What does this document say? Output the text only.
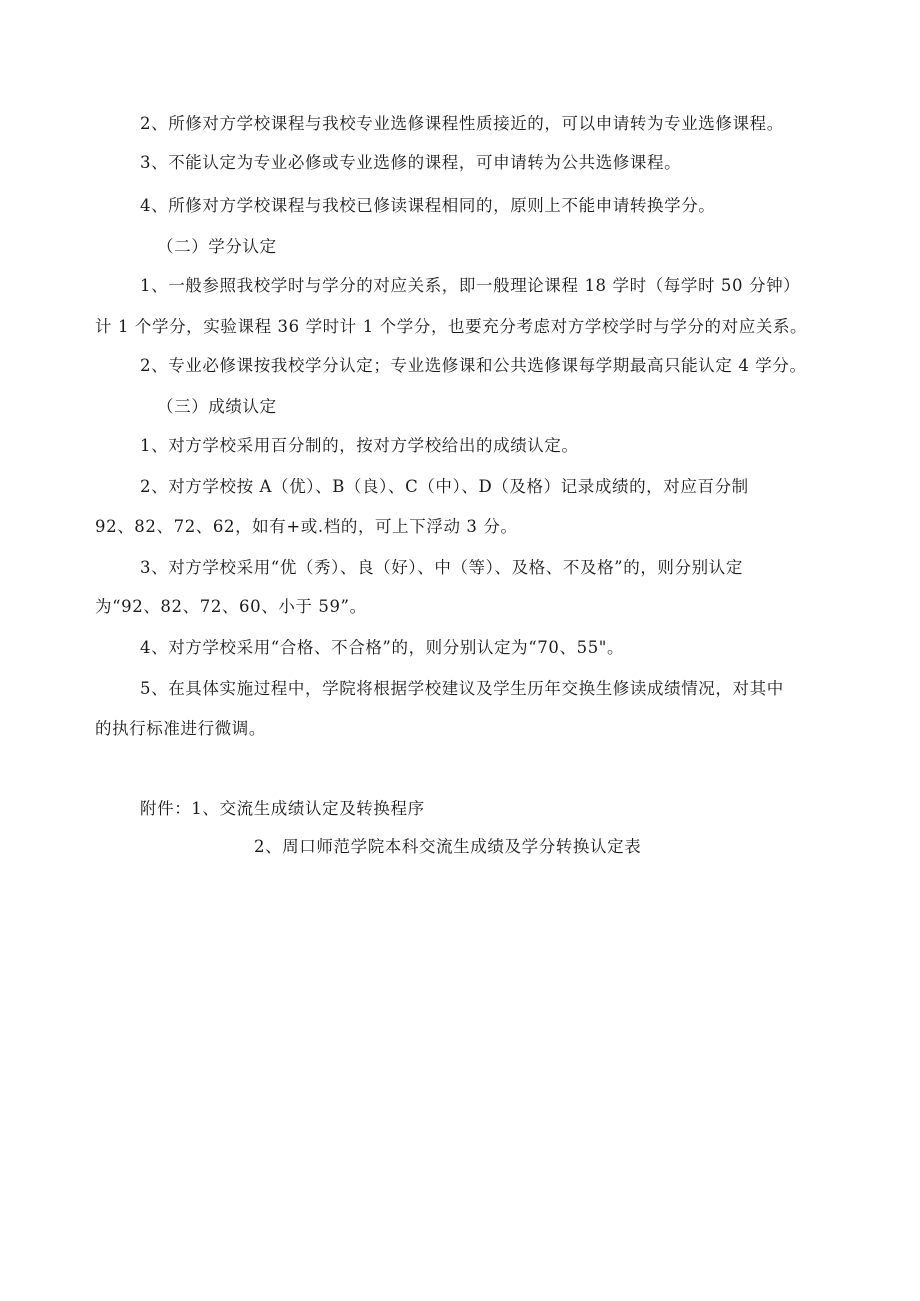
2、所修对方学校课程与我校专业选修课程性质接近的，可以申请转为专业选修课程。
3、不能认定为专业必修或专业选修的课程，可申请转为公共选修课程。
4、所修对方学校课程与我校已修读课程相同的，原则上不能申请转换学分。
（二）学分认定
1、一般参照我校学时与学分的对应关系，即一般理论课程 18 学时（每学时 50 分钟）
计 1 个学分，实验课程 36 学时计 1 个学分，也要充分考虑对方学校学时与学分的对应关系。
2、专业必修课按我校学分认定；专业选修课和公共选修课每学期最高只能认定 4 学分。
（三）成绩认定
1、对方学校采用百分制的，按对方学校给出的成绩认定。
2、对方学校按 A（优）、B（良）、C（中）、D（及格）记录成绩的，对应百分制
92、82、72、62，如有+或.档的，可上下浮动 3 分。
3、对方学校采用“优（秀）、良（好）、中（等）、及格、不及格”的，则分别认定
为“92、82、72、60、小于 59”。
4、对方学校采用“合格、不合格”的，则分别认定为“70、55"。
5、在具体实施过程中，学院将根据学校建议及学生历年交换生修读成绩情况，对其中
的执行标准进行微调。
附件：1、交流生成绩认定及转换程序
2、周口师范学院本科交流生成绩及学分转换认定表
